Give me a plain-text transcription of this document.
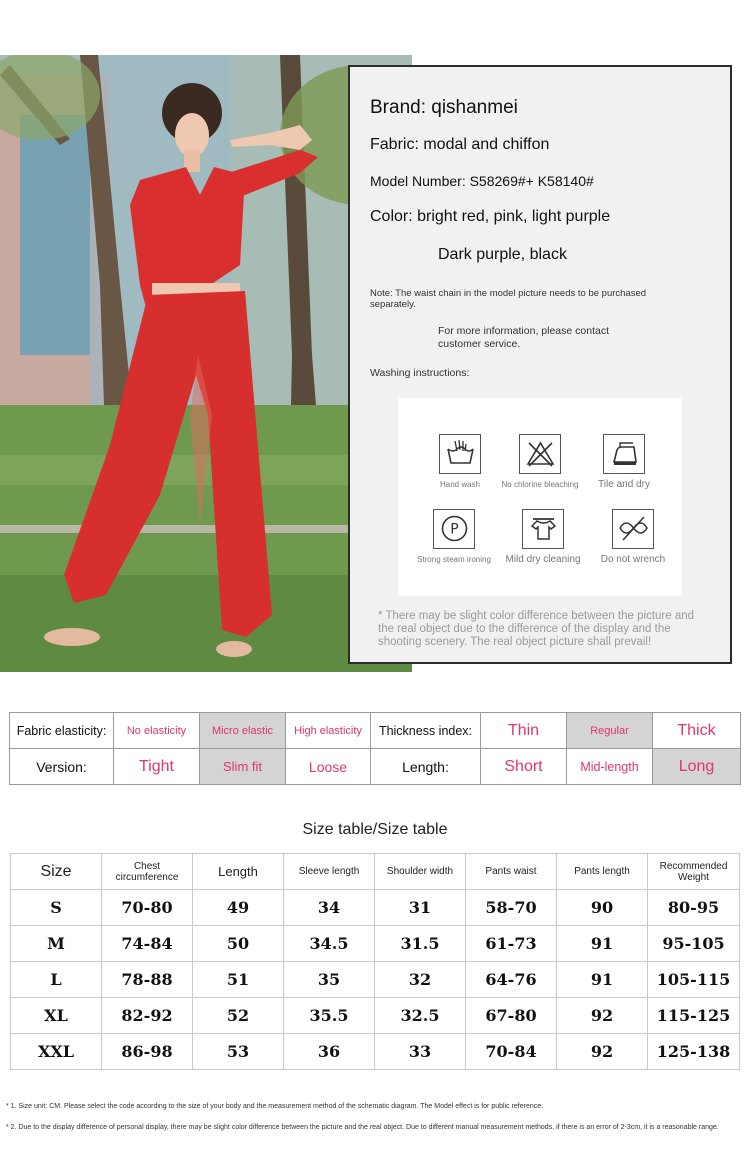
Brand: qishanmei
Fabric: modal and chiffon
Model Number: S58269#+ K58140#
Color: bright red, pink, light purple
Dark purple, black
Note: The waist chain in the model picture needs to be purchased separately.
For more information, please contact customer service.
Washing instructions:
Hand wash	No chlorine bleaching	Tile and dry
P
Strong steam ironing	Mild dry cleaning	Do not wrench
* There may be slight color difference between the picture and the real object due to the difference of the display and the shooting scenery. The real object picture shall prevail!
Fabric elasticity:	No elasticity	Micro elastic	High elasticity	Thickness index:	Thin	Regular	Thick
Version:	Tight	Slim fit	Loose	Length:	Short	Mid-length	Long
Size table/Size table
Size	Chest circumference	Length	Sleeve length	Shoulder width	Pants waist	Pants length	Recommended Weight
S	70-80	49	34	31	58-70	90	80-95
M	74-84	50	34.5	31.5	61-73	91	95-105
L	78-88	51	35	32	64-76	91	105-115
XL	82-92	52	35.5	32.5	67-80	92	115-125
XXL	86-98	53	36	33	70-84	92	125-138
* 1. Size unit: CM. Please select the code according to the size of your body and the measurement method of the schematic diagram. The Model effect is for public reference.
* 2. Due to the display difference of personal display, there may be slight color difference between the picture and the real object. Due to different manual measurement methods, if there is an error of 2-3cm, it is a reasonable range.
